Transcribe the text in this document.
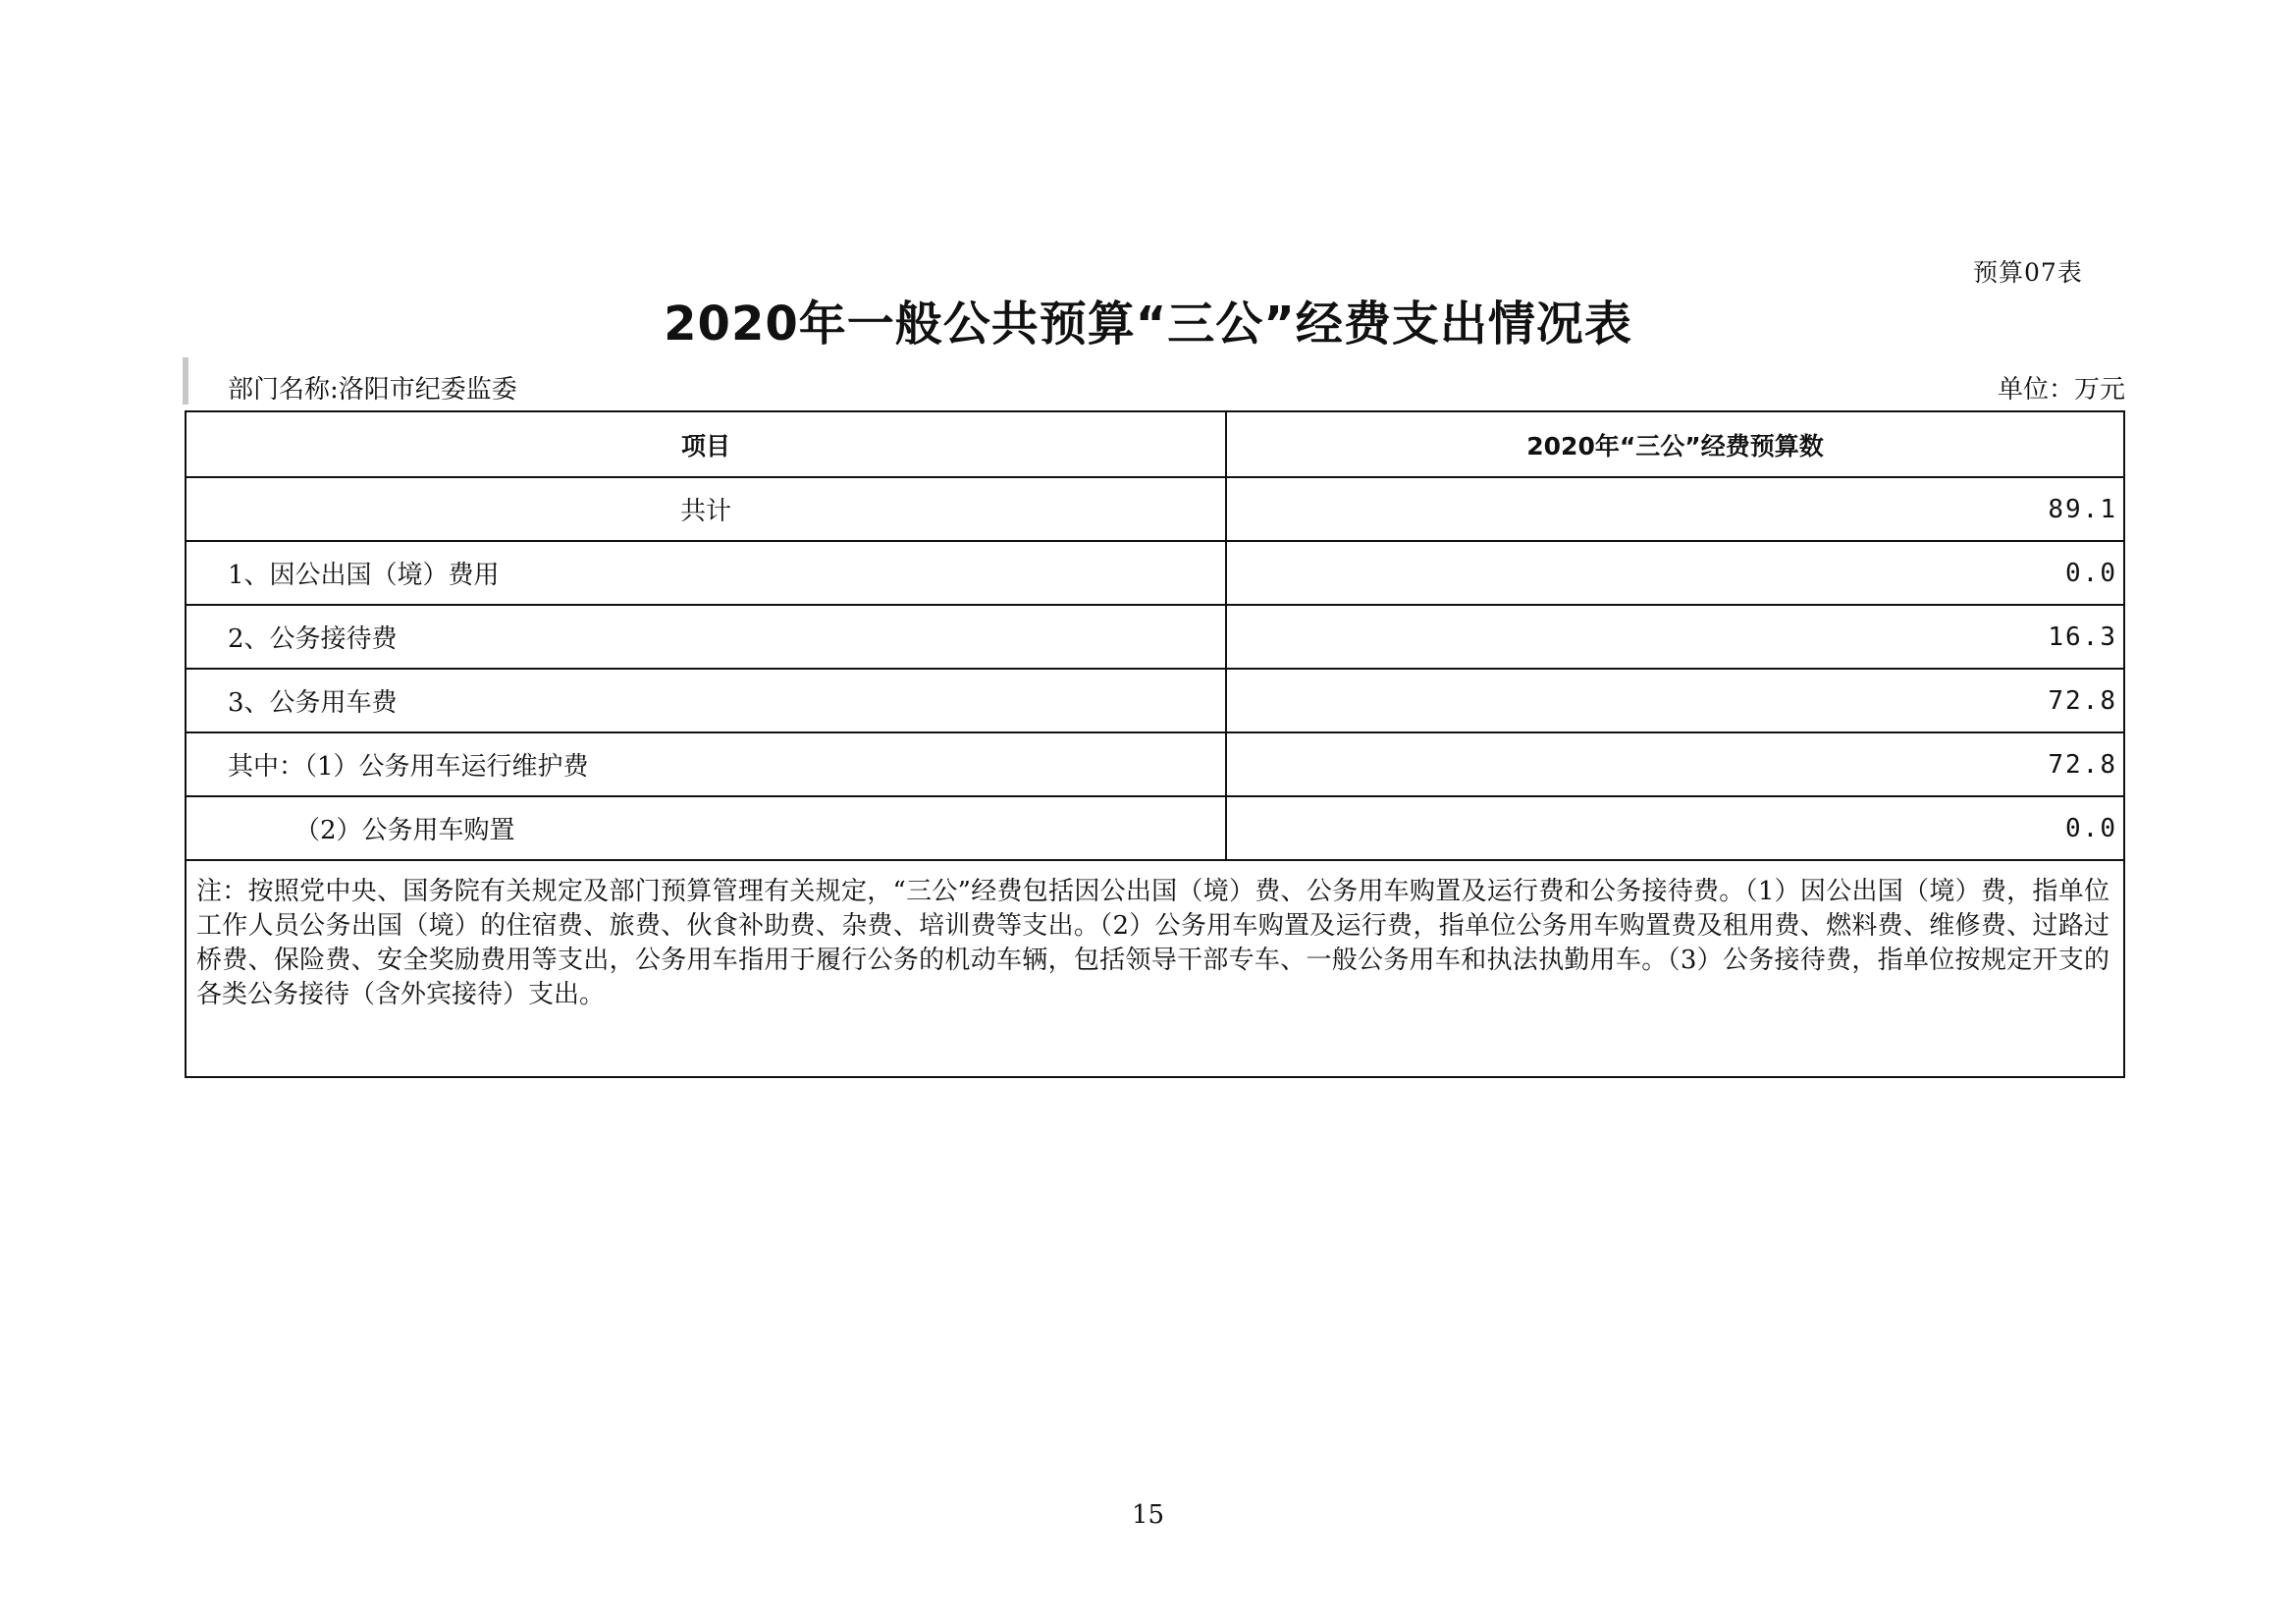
预算07表
2020年一般公共预算“三公”经费支出情况表
部门名称:洛阳市纪委监委	单位：万元
项目	2020年“三公”经费预算数
共计	89.1
1、因公出国（境）费用	0.0
2、公务接待费	16.3
3、公务用车费	72.8
其中：（1）公务用车运行维护费	72.8
（2）公务用车购置	0.0
注：按照党中央、国务院有关规定及部门预算管理有关规定，“三公”经费包括因公出国（境）费、公务用车购置及运行费和公务接待费。（1）因公出国（境）费，指单位工作人员公务出国（境）的住宿费、旅费、伙食补助费、杂费、培训费等支出。（2）公务用车购置及运行费，指单位公务用车购置费及租用费、燃料费、维修费、过路过桥费、保险费、安全奖励费用等支出，公务用车指用于履行公务的机动车辆，包括领导干部专车、一般公务用车和执法执勤用车。（3）公务接待费，指单位按规定开支的各类公务接待（含外宾接待）支出。	
15
